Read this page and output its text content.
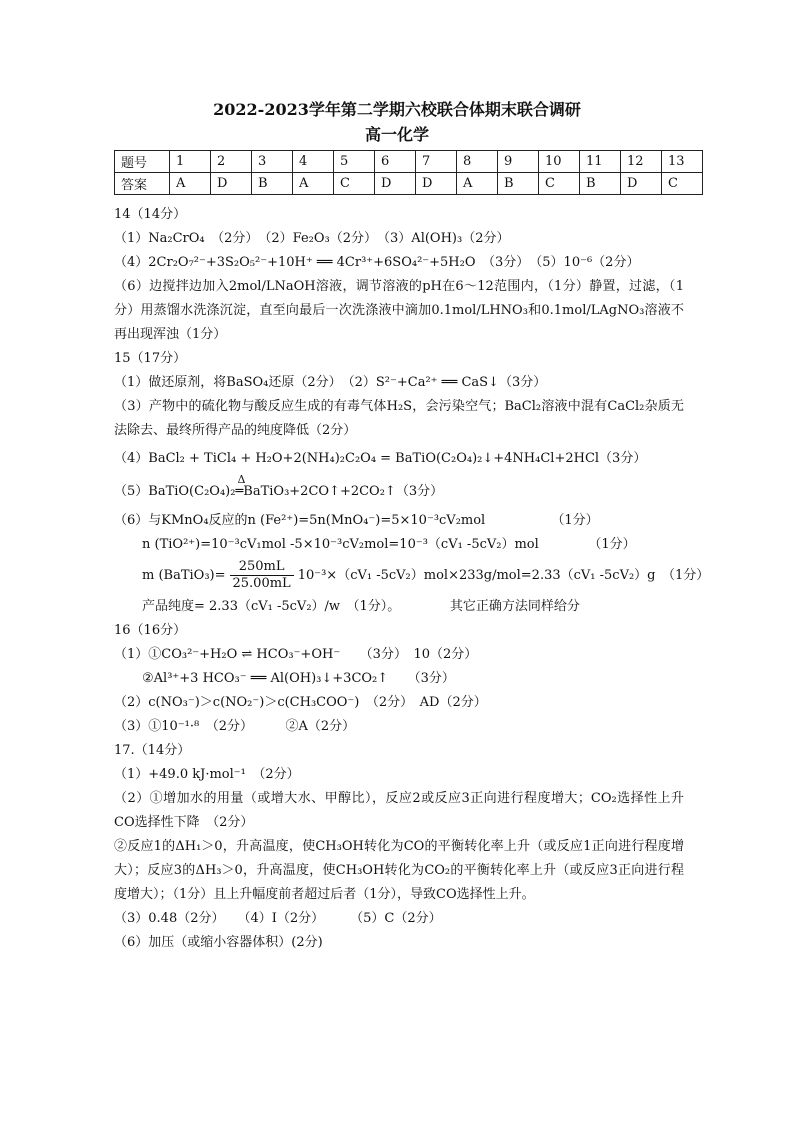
2022-2023学年第二学期六校联合体期末联合调研
高一化学
题号	1	2	3	4	5	6	7	8	9	10	11	12	13
答案	A	D	B	A	C	D	D	A	B	C	B	D	C

14（14分）

（1）Na₂CrO₄　（2分）　（2）Fe₂O₃（2分）　（3）Al(OH)₃（2分）

（4）2Cr₂O₇²⁻+3S₂O₅²⁻+10H⁺ ══ 4Cr³⁺+6SO₄²⁻+5H₂O　（3分）　（5）10⁻⁶（2分）

（6）边搅拌边加入2mol/LNaOH溶液，调节溶液的pH在6～12范围内，（1分）静置，过滤，（1分）用蒸馏水洗涤沉淀，直至向最后一次洗涤液中滴加0.1mol/LHNO₃和0.1mol/LAgNO₃溶液不再出现浑浊（1分）

15（17分）

（1）做还原剂，将BaSO₄还原（2分）　（2）S²⁻+Ca²⁺ ══ CaS↓（3分）

（3）产物中的硫化物与酸反应生成的有毒气体H₂S，会污染空气；BaCl₂溶液中混有CaCl₂杂质无法除去、最终所得产品的纯度降低（2分）

（4）BaCl₂ + TiCl₄ + H₂O+2(NH₄)₂C₂O₄ = BaTiO(C₂O₄)₂↓+4NH₄Cl+2HCl（3分）

（5）BaTiO(C₂O₄)₂
Δ
═BaTiO₃+2CO↑+2CO₂↑（3分）

（6）与KMnO₄反应的n (Fe²⁺)=5n(MnO₄⁻)=5×10⁻³cV₂mol	（1分）

n (TiO²⁺)=10⁻³cV₁mol -5×10⁻³cV₂mol=10⁻³（cV₁ -5cV₂）mol	（1分）

m (BaTiO₃)= $\frac{250mL}{25.00mL} 10^{-3}\times(cV_1$ -5cV₂）mol×233g/mol=2.33（cV₁ -5cV₂）g　（1分）

产品纯度= 2.33（cV₁ -5cV₂）/w　（1分）。	其它正确方法同样给分

16（16分）

（1）①CO₃²⁻+H₂O ⇌ HCO₃⁻+OH⁻　　（3分）　10（2分）

②Al³⁺+3 HCO₃⁻ ══ Al(OH)₃↓+3CO₂↑　　（3分）

（2）c(NO₃⁻)＞c(NO₂⁻)＞c(CH₃COO⁻)　（2分）　AD（2分）

（3）①10⁻¹·⁸　（2分）　　　②A（2分）

17.（14分）

（1）+49.0 kJ·mol⁻¹　（2分）

（2）①增加水的用量（或增大水、甲醇比），反应2或反应3正向进行程度增大；CO₂选择性上升CO选择性下降　（2分）

②反应1的ΔH₁＞0，升高温度，使CH₃OH转化为CO的平衡转化率上升（或反应1正向进行程度增大）；反应3的ΔH₃＞0，升高温度，使CH₃OH转化为CO₂的平衡转化率上升（或反应3正向进行程度增大）；（1分）且上升幅度前者超过后者（1分），导致CO选择性上升。

（3）0.48（2分）　　（4）Ⅰ（2分）　　　（5）C（2分）

（6）加压（或缩小容器体积）(2分)
